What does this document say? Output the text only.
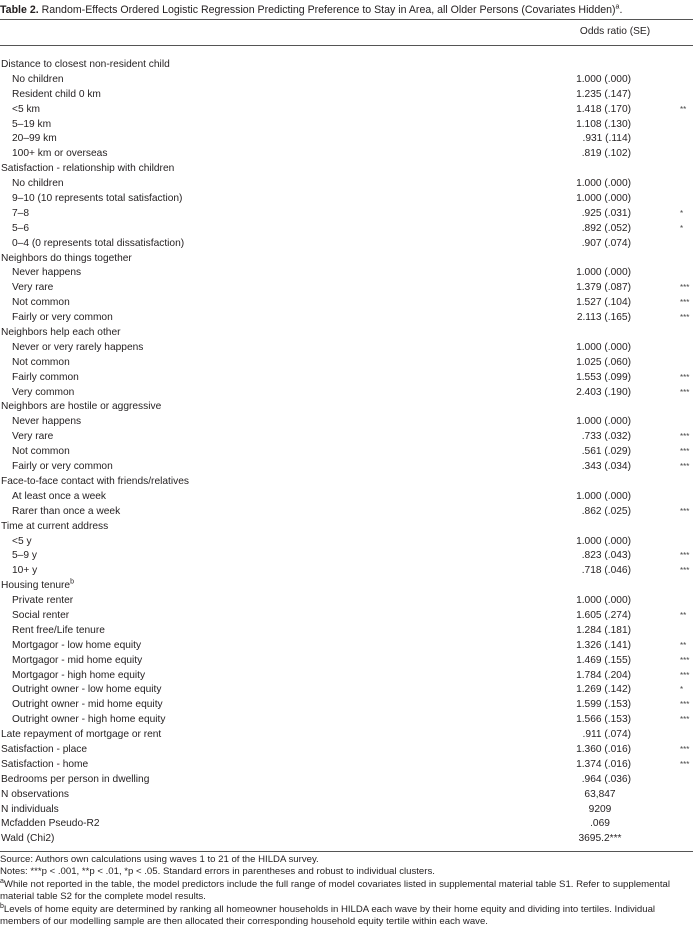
Table 2. Random-Effects Ordered Logistic Regression Predicting Preference to Stay in Area, all Older Persons (Covariates Hidden)$^a$.
Odds ratio (SE)
Distance to closest non-resident child
No children	1.000 (.000)
Resident child 0 km	1.235 (.147)
<5 km	1.418 (.170)	**
5–19 km	1.108 (.130)
20–99 km	.931 (.114)
100+ km or overseas	.819 (.102)
Satisfaction - relationship with children
No children	1.000 (.000)
9–10 (10 represents total satisfaction)	1.000 (.000)
7–8	.925 (.031)	*
5–6	.892 (.052)	*
0–4 (0 represents total dissatisfaction)	.907 (.074)
Neighbors do things together
Never happens	1.000 (.000)
Very rare	1.379 (.087)	***
Not common	1.527 (.104)	***
Fairly or very common	2.113 (.165)	***
Neighbors help each other
Never or very rarely happens	1.000 (.000)
Not common	1.025 (.060)
Fairly common	1.553 (.099)	***
Very common	2.403 (.190)	***
Neighbors are hostile or aggressive
Never happens	1.000 (.000)
Very rare	.733 (.032)	***
Not common	.561 (.029)	***
Fairly or very common	.343 (.034)	***
Face-to-face contact with friends/relatives
At least once a week	1.000 (.000)
Rarer than once a week	.862 (.025)	***
Time at current address
<5 y	1.000 (.000)
5–9 y	.823 (.043)	***
10+ y	.718 (.046)	***
Housing tenure$^b$
Private renter	1.000 (.000)
Social renter	1.605 (.274)	**
Rent free/Life tenure	1.284 (.181)
Mortgagor - low home equity	1.326 (.141)	**
Mortgagor - mid home equity	1.469 (.155)	***
Mortgagor - high home equity	1.784 (.204)	***
Outright owner - low home equity	1.269 (.142)	*
Outright owner - mid home equity	1.599 (.153)	***
Outright owner - high home equity	1.566 (.153)	***
Late repayment of mortgage or rent	.911 (.074)
Satisfaction - place	1.360 (.016)	***
Satisfaction - home	1.374 (.016)	***
Bedrooms per person in dwelling	.964 (.036)
N observations	63,847
N individuals	9209
Mcfadden Pseudo-R2	.069
Wald (Chi2)	3695.2***
Source: Authors own calculations using waves 1 to 21 of the HILDA survey.
Notes: ***p < .001, **p < .01, *p < .05. Standard errors in parentheses and robust to individual clusters.
$^a$While not reported in the table, the model predictors include the full range of model covariates listed in supplemental material table S1. Refer to supplemental material table S2 for the complete model results.
$^b$Levels of home equity are determined by ranking all homeowner households in HILDA each wave by their home equity and dividing into tertiles. Individual members of our modelling sample are then allocated their corresponding household equity tertile within each wave.
